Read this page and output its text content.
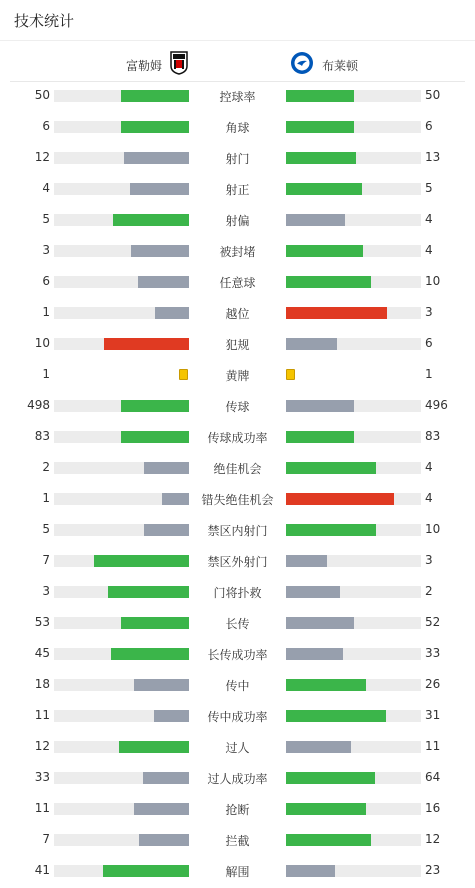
技术统计
富勒姆	布莱顿
50	控球率	50
6	角球	6
12	射门	13
4	射正	5
5	射偏	4
3	被封堵	4
6	任意球	10
1	越位	3
10	犯规	6
1	黄牌	1
498	传球	496
83	传球成功率	83
2	绝佳机会	4
1	错失绝佳机会	4
5	禁区内射门	10
7	禁区外射门	3
3	门将扑救	2
53	长传	52
45	长传成功率	33
18	传中	26
11	传中成功率	31
12	过人	11
33	过人成功率	64
11	抢断	16
7	拦截	12
41	解围	23
